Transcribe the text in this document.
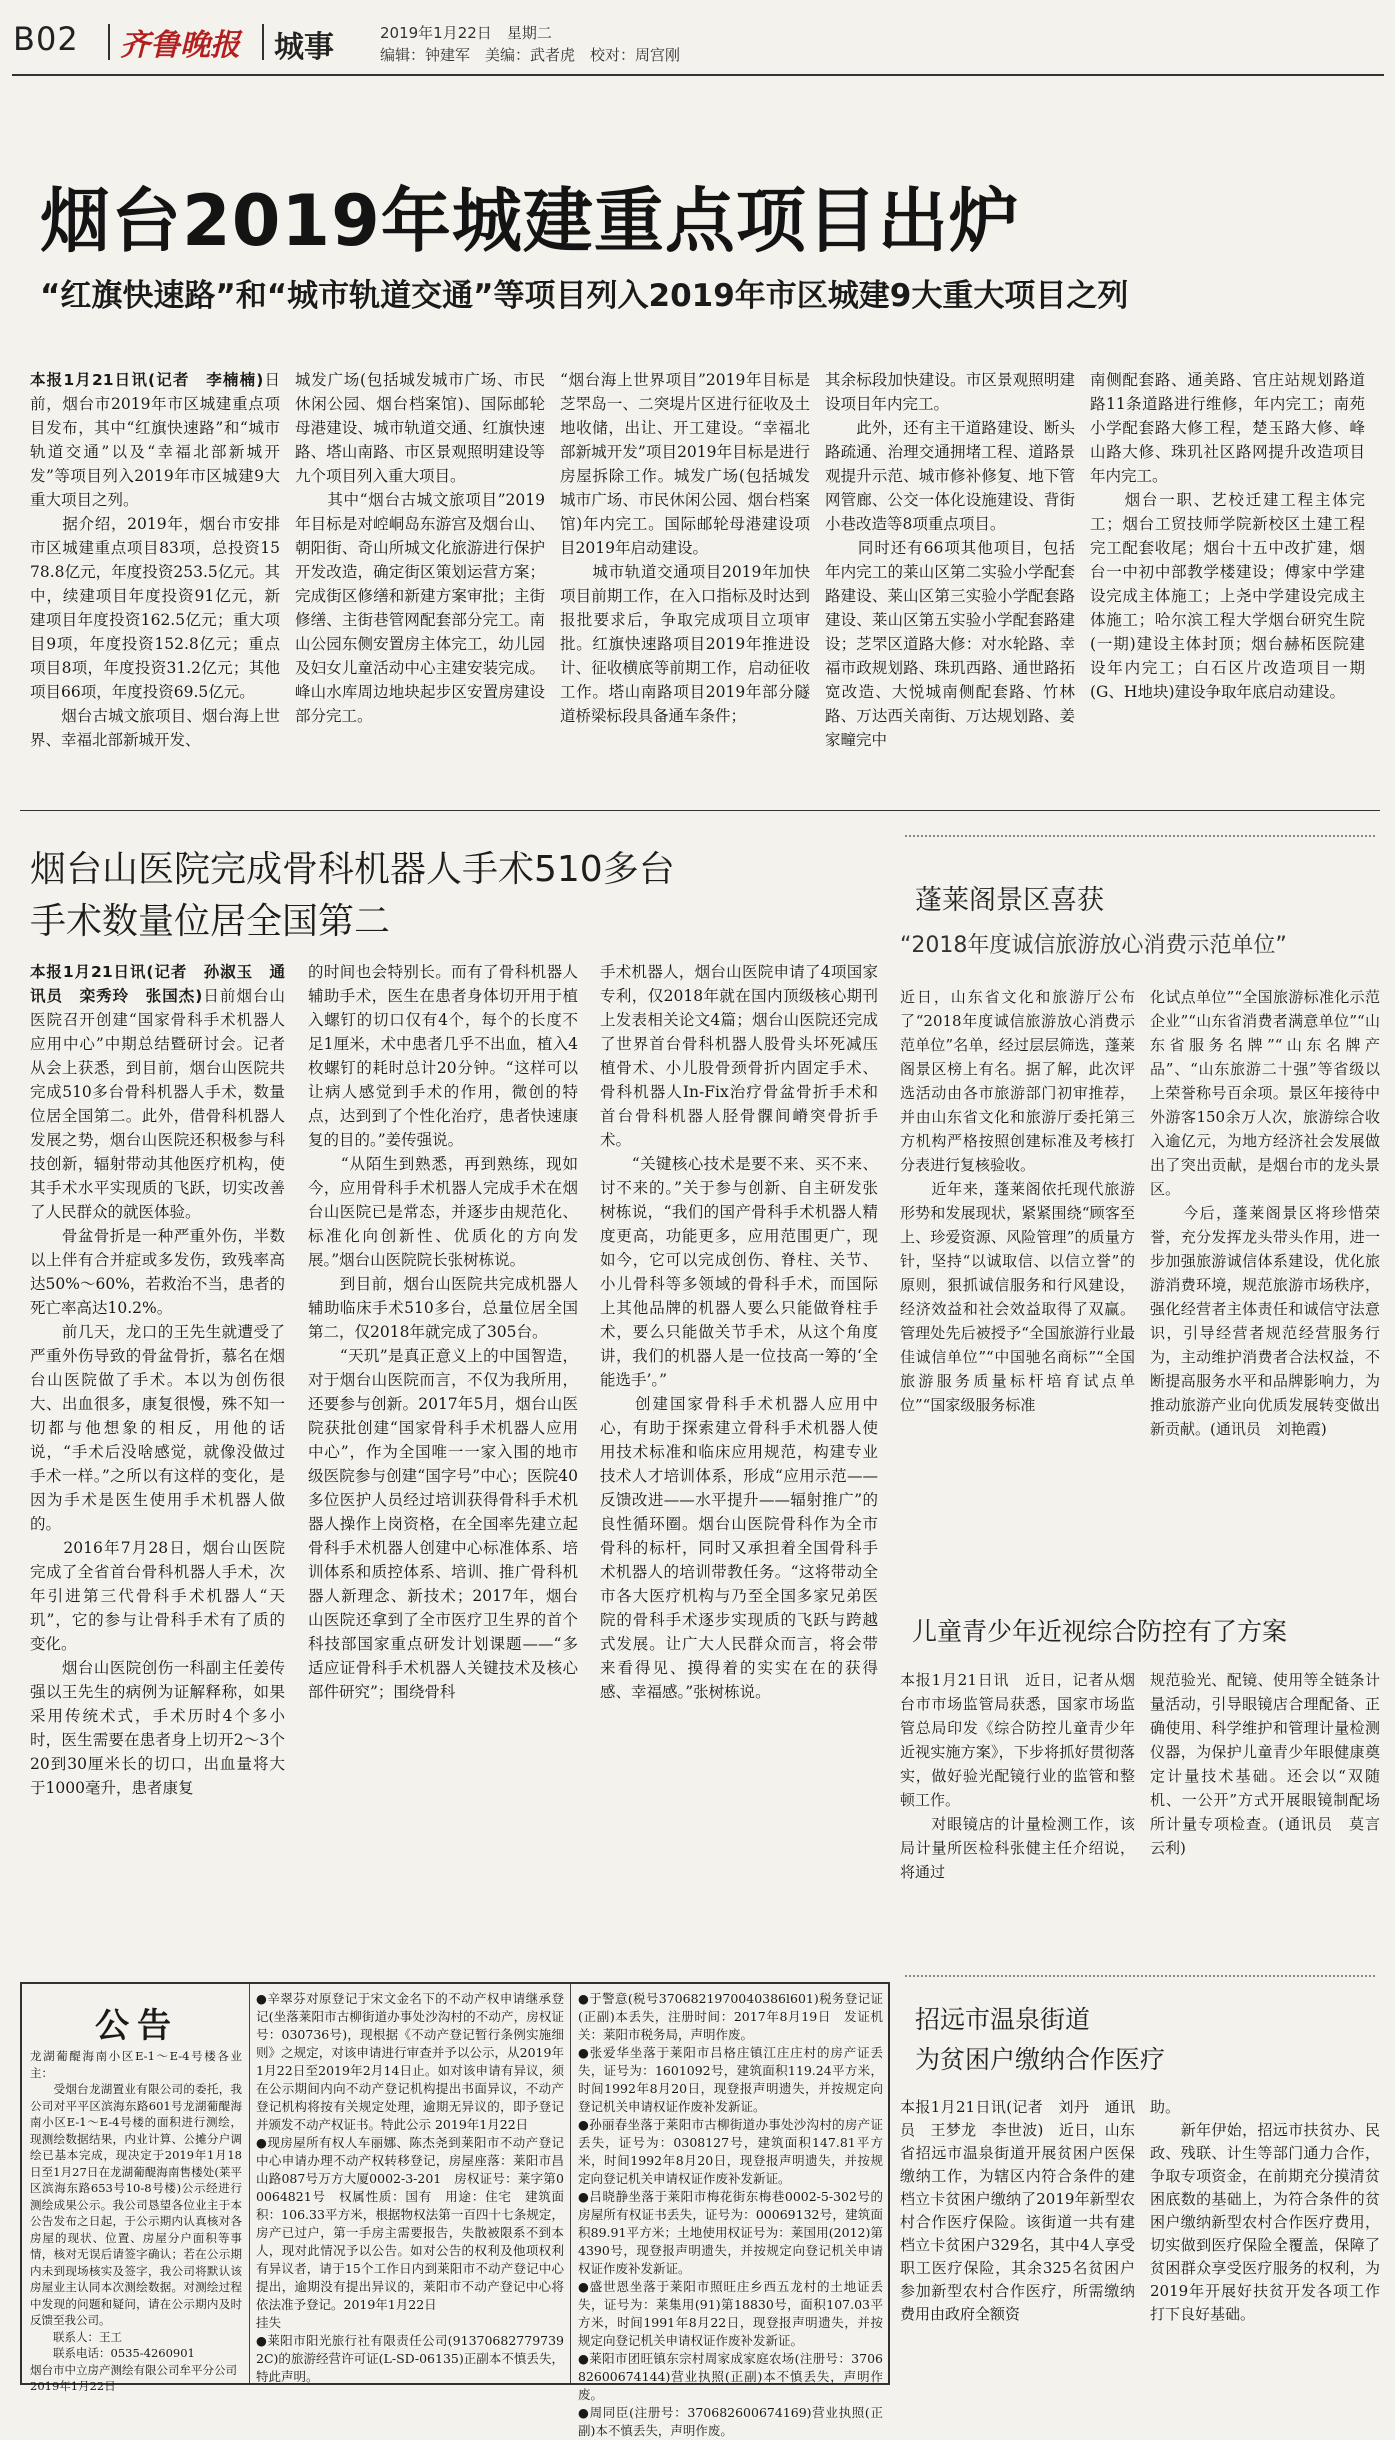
B02 齐鲁晚报 城事	2019年1月22日　 星期二
编辑：钟建军　美编：武者虎　校对：周宫刚
烟台2019年城建重点项目出炉
“红旗快速路”和“城市轨道交通”等项目列入2019年市区城建9大重大项目之列
本报1月21日讯(记者　李楠楠)日前，烟台市2019年市区城建重点项目发布，其中“红旗快速路”和“城市轨道交通”以及“幸福北部新城开发”等项目列入2019年市区城建9大重大项目之列。
　　据介绍，2019年，烟台市安排市区城建重点项目83项，总投资1578.8亿元，年度投资253.5亿元。其中，续建项目年度投资91亿元，新建项目年度投资162.5亿元；重大项目9项，年度投资152.8亿元；重点项目8项，年度投资31.2亿元；其他项目66项，年度投资69.5亿元。
　　烟台古城文旅项目、烟台海上世界、幸福北部新城开发、
城发广场(包括城发城市广场、市民休闲公园、烟台档案馆)、国际邮轮母港建设、城市轨道交通、红旗快速路、塔山南路、市区景观照明建设等九个项目列入重大项目。
　　其中“烟台古城文旅项目”2019年目标是对崆峒岛东游宫及烟台山、朝阳街、奇山所城文化旅游进行保护开发改造，确定街区策划运营方案；完成街区修缮和新建方案审批；主街修缮、主街巷管网配套部分完工。南山公园东侧安置房主体完工，幼儿园及妇女儿童活动中心主建安装完成。峰山水库周边地块起步区安置房建设部分完工。
“烟台海上世界项目”2019年目标是芝罘岛一、二突堤片区进行征收及土地收储，出让、开工建设。“幸福北部新城开发”项目2019年目标是进行房屋拆除工作。城发广场(包括城发城市广场、市民休闲公园、烟台档案馆)年内完工。国际邮轮母港建设项目2019年启动建设。
　　城市轨道交通项目2019年加快项目前期工作，在入口指标及时达到报批要求后，争取完成项目立项审批。红旗快速路项目2019年推进设计、征收横底等前期工作，启动征收工作。塔山南路项目2019年部分隧道桥梁标段具备通车条件；
其余标段加快建设。市区景观照明建设项目年内完工。
　　此外，还有主干道路建设、断头路疏通、治理交通拥堵工程、道路景观提升示范、城市修补修复、地下管网管廊、公交一体化设施建设、背街小巷改造等8项重点项目。
　　同时还有66项其他项目，包括年内完工的莱山区第二实验小学配套路建设、莱山区第三实验小学配套路建设、莱山区第五实验小学配套路建设；芝罘区道路大修：对水轮路、幸福市政规划路、珠玑西路、通世路拓宽改造、大悦城南侧配套路、竹林路、万达西关南街、万达规划路、姜家疃完中
南侧配套路、通美路、官庄站规划路道路11条道路进行维修，年内完工；南苑小学配套路大修工程，楚玉路大修、峰山路大修、珠玑社区路网提升改造项目年内完工。
　　烟台一职、艺校迁建工程主体完工；烟台工贸技师学院新校区土建工程完工配套收尾；烟台十五中改扩建，烟台一中初中部教学楼建设；傅家中学建设完成主体施工；上尧中学建设完成主体施工；哈尔滨工程大学烟台研究生院(一期)建设主体封顶；烟台赫柘医院建设年内完工；白石区片改造项目一期(G、H地块)建设争取年底启动建设。
烟台山医院完成骨科机器人手术510多台
手术数量位居全国第二
本报1月21日讯(记者　孙淑玉　通讯员　栾秀玲　张国杰)日前烟台山医院召开创建“国家骨科手术机器人应用中心”中期总结暨研讨会。记者从会上获悉，到目前，烟台山医院共完成510多台骨科机器人手术，数量位居全国第二。此外，借骨科机器人发展之势，烟台山医院还积极参与科技创新，辐射带动其他医疗机构，使其手术水平实现质的飞跃，切实改善了人民群众的就医体验。
　　骨盆骨折是一种严重外伤，半数以上伴有合并症或多发伤，致残率高达50%～60%，若救治不当，患者的死亡率高达10.2%。
　　前几天，龙口的王先生就遭受了严重外伤导致的骨盆骨折，慕名在烟台山医院做了手术。本以为创伤很大、出血很多，康复很慢，殊不知一切都与他想象的相反，用他的话说，“手术后没啥感觉，就像没做过手术一样。”之所以有这样的变化，是因为手术是医生使用手术机器人做的。
　　2016年7月28日，烟台山医院完成了全省首台骨科机器人手术，次年引进第三代骨科手术机器人“天玑”，它的参与让骨科手术有了质的变化。
　　烟台山医院创伤一科副主任姜传强以王先生的病例为证解释称，如果采用传统术式，手术历时4个多小时，医生需要在患者身上切开2～3个20到30厘米长的切口，出血量将大于1000毫升，患者康复
的时间也会特别长。而有了骨科机器人辅助手术，医生在患者身体切开用于植入螺钉的切口仅有4个，每个的长度不足1厘米，术中患者几乎不出血，植入4枚螺钉的耗时总计20分钟。“这样可以让病人感觉到手术的作用，微创的特点，达到到了个性化治疗，患者快速康复的目的。”姜传强说。
　　“从陌生到熟悉，再到熟练，现如今，应用骨科手术机器人完成手术在烟台山医院已是常态，并逐步由规范化、标准化向创新性、优质化的方向发展。”烟台山医院院长张树栋说。
　　到目前，烟台山医院共完成机器人辅助临床手术510多台，总量位居全国第二，仅2018年就完成了305台。
　　“天玑”是真正意义上的中国智造，对于烟台山医院而言，不仅为我所用，还要参与创新。2017年5月，烟台山医院获批创建“国家骨科手术机器人应用中心”，作为全国唯一一家入围的地市级医院参与创建“国字号”中心；医院40多位医护人员经过培训获得骨科手术机器人操作上岗资格，在全国率先建立起骨科手术机器人创建中心标准体系、培训体系和质控体系、培训、推广骨科机器人新理念、新技术；2017年，烟台山医院还拿到了全市医疗卫生界的首个科技部国家重点研发计划课题——“多适应证骨科手术机器人关键技术及核心部件研究”；围绕骨科
手术机器人，烟台山医院申请了4项国家专利，仅2018年就在国内顶级核心期刊上发表相关论文4篇；烟台山医院还完成了世界首台骨科机器人股骨头坏死减压植骨术、小儿股骨颈骨折内固定手术、骨科机器人In-Fix治疗骨盆骨折手术和首台骨科机器人胫骨髁间嵴突骨折手术。
　　“关键核心技术是要不来、买不来、讨不来的。”关于参与创新、自主研发张树栋说，“我们的国产骨科手术机器人精度更高，功能更多，应用范围更广，现如今，它可以完成创伤、脊柱、关节、小儿骨科等多领域的骨科手术，而国际上其他品牌的机器人要么只能做脊柱手术，要么只能做关节手术，从这个角度讲，我们的机器人是一位技高一筹的‘全能选手’。”
　　创建国家骨科手术机器人应用中心，有助于探索建立骨科手术机器人使用技术标准和临床应用规范，构建专业技术人才培训体系，形成“应用示范——反馈改进——水平提升——辐射推广”的良性循环圈。烟台山医院骨科作为全市骨科的标杆，同时又承担着全国骨科手术机器人的培训带教任务。“这将带动全市各大医疗机构与乃至全国多家兄弟医院的骨科手术逐步实现质的飞跃与跨越式发展。让广大人民群众而言，将会带来看得见、摸得着的实实在在的获得感、幸福感。”张树栋说。
蓬莱阁景区喜获
“2018年度诚信旅游放心消费示范单位”
近日，山东省文化和旅游厅公布了“2018年度诚信旅游放心消费示范单位”名单，经过层层筛选，蓬莱阁景区榜上有名。据了解，此次评选活动由各市旅游部门初审推荐，并由山东省文化和旅游厅委托第三方机构严格按照创建标准及考核打分表进行复核验收。
　　近年来，蓬莱阁依托现代旅游形势和发展现状，紧紧围绕“顾客至上、珍爱资源、风险管理”的质量方针，坚持“以诚取信、以信立誉”的原则，狠抓诚信服务和行风建设，经济效益和社会效益取得了双赢。管理处先后被授予“全国旅游行业最佳诚信单位”“中国驰名商标”“全国旅游服务质量标杆培育试点单位”“国家级服务标准
化试点单位”“全国旅游标准化示范企业”“山东省消费者满意单位”“山东省服务名牌”“山东名牌产品”、“山东旅游二十强”等省级以上荣誉称号百余项。景区年接待中外游客150余万人次，旅游综合收入逾亿元，为地方经济社会发展做出了突出贡献，是烟台市的龙头景区。
　　今后，蓬莱阁景区将珍惜荣誉，充分发挥龙头带头作用，进一步加强旅游诚信体系建设，优化旅游消费环境，规范旅游市场秩序，强化经营者主体责任和诚信守法意识，引导经营者规范经营服务行为，主动维护消费者合法权益，不断提高服务水平和品牌影响力，为推动旅游产业向优质发展转变做出新贡献。(通讯员　刘艳霞)
儿童青少年近视综合防控有了方案
本报1月21日讯　近日，记者从烟台市市场监管局获悉，国家市场监管总局印发《综合防控儿童青少年近视实施方案》，下步将抓好贯彻落实，做好验光配镜行业的监管和整顿工作。
　　对眼镜店的计量检测工作，该局计量所医检科张健主任介绍说，将通过
规范验光、配镜、使用等全链条计量活动，引导眼镜店合理配备、正确使用、科学维护和管理计量检测仪器，为保护儿童青少年眼健康奠定计量技术基础。还会以“双随机、一公开”方式开展眼镜制配场所计量专项检查。(通讯员　莫言　云利)
招远市温泉街道
为贫困户缴纳合作医疗
本报1月21日讯(记者　刘丹　通讯员　王梦龙　李世波)　近日，山东省招远市温泉街道开展贫困户医保缴纳工作，为辖区内符合条件的建档立卡贫困户缴纳了2019年新型农村合作医疗保险。该街道一共有建档立卡贫困户329名，其中4人享受职工医疗保险，其余325名贫困户参加新型农村合作医疗，所需缴纳费用由政府全额资
助。
　　新年伊始，招远市扶贫办、民政、残联、计生等部门通力合作，争取专项资金，在前期充分摸清贫困底数的基础上，为符合条件的贫困户缴纳新型农村合作医疗费用，切实做到医疗保险全覆盖，保障了贫困群众享受医疗服务的权利，为2019年开展好扶贫开发各项工作打下良好基础。
公告
龙湖葡醍海南小区E-1～E-4号楼各业主：
　　受烟台龙湖置业有限公司的委托，我公司对平平区滨海东路601号龙湖葡醍海南小区E-1～E-4号楼的面积进行测绘，现测绘数据结果，内业计算、公摊分户调绘已基本完成，现决定于2019年1月18日至1月27日在龙湖葡醍海南售楼处(莱平区滨海东路653号10-8号楼)公示经进行测绘成果公示。我公司恳望各位业主于本公告发布之日起，于公示期内认真核对各房屋的现状、位置、房屋分户面积等事情，核对无误后请签字确认；若在公示期内未到现场核实及签字，我公司将默认该房屋业主认同本次测绘数据。对测绘过程中发现的问题和疑问，请在公示期内及时反馈至我公司。
　　联系人：王工
　　联系电话：0535-4260901
烟台市中立房产测绘有限公司牟平分公司
2019年1月22日
●辛翠芬对原登记于宋文金名下的不动产权申请继承登记(坐落莱阳市古柳街道办事处沙沟村的不动产，房权证号：030736号)，现根据《不动产登记暂行条例实施细则》之规定，对该申请进行审查并予以公示，从2019年1月22日至2019年2月14日止。如对该申请有异议，须在公示期间内向不动产登记机构提出书面异议，不动产登记机构将按有关规定处理，逾期无异议的，即予登记并颁发不动产权证书。特此公示 2019年1月22日
●现房屋所有权人车丽娜、陈杰尧到莱阳市不动产登记中心申请办理不动产权转移登记，房屋座落：莱阳市昌山路087号万方大厦0002-3-201　房权证号：莱字第00064821号　权属性质：国有　用途：住宅　建筑面积：106.33平方米，根据物权法第一百四十七条规定，房产已过户，第一手房主需要报告，失散被限系不到本人，现对此情况予以公告。如对公告的权利及他项权利有异议者，请于15个工作日内到莱阳市不动产登记中心提出，逾期没有提出异议的，莱阳市不动产登记中心将依法准予登记。2019年1月22日
挂失
●莱阳市阳光旅行社有限责任公司(913706827797392C)的旅游经营许可证(L-SD-06135)正副本不慎丢失，特此声明。
●于警意(税号3706821970040386l601)税务登记证(正副)本丢失，注册时间：2017年8月19日　发证机关：莱阳市税务局，声明作废。
●张爱华坐落于莱阳市吕格庄镇江庄庄村的房产证丢失，证号为：1601092号，建筑面积119.24平方米，时间1992年8月20日，现登报声明遗失，并按规定向登记机关申请权证作废补发新证。
●孙丽春坐落于莱阳市古柳街道办事处沙沟村的房产证丢失，证号为：0308127号，建筑面积147.81平方米，时间1992年8月20日，现登报声明遗失，并按规定向登记机关申请权证作废补发新证。
●吕晓静坐落于莱阳市梅花街东梅巷0002-5-302号的房屋所有权证书丢失，证号为：00069132号，建筑面积89.91平方米；土地使用权证号为：莱国用(2012)第4390号，现登报声明遗失，并按规定向登记机关申请权证作废补发新证。
●盛世恩坐落于莱阳市照旺庄乡西五龙村的土地证丢失，证号为：莱集用(91)第18830号，面积107.03平方米，时间1991年8月22日，现登报声明遗失，并按规定向登记机关申请权证作废补发新证。
●莱阳市团旺镇东宗村周家成家庭农场(注册号：370682600674144)营业执照(正副)本不慎丢失，声明作废。
●周同臣(注册号：370682600674169)营业执照(正副)本不慎丢失，声明作废。
